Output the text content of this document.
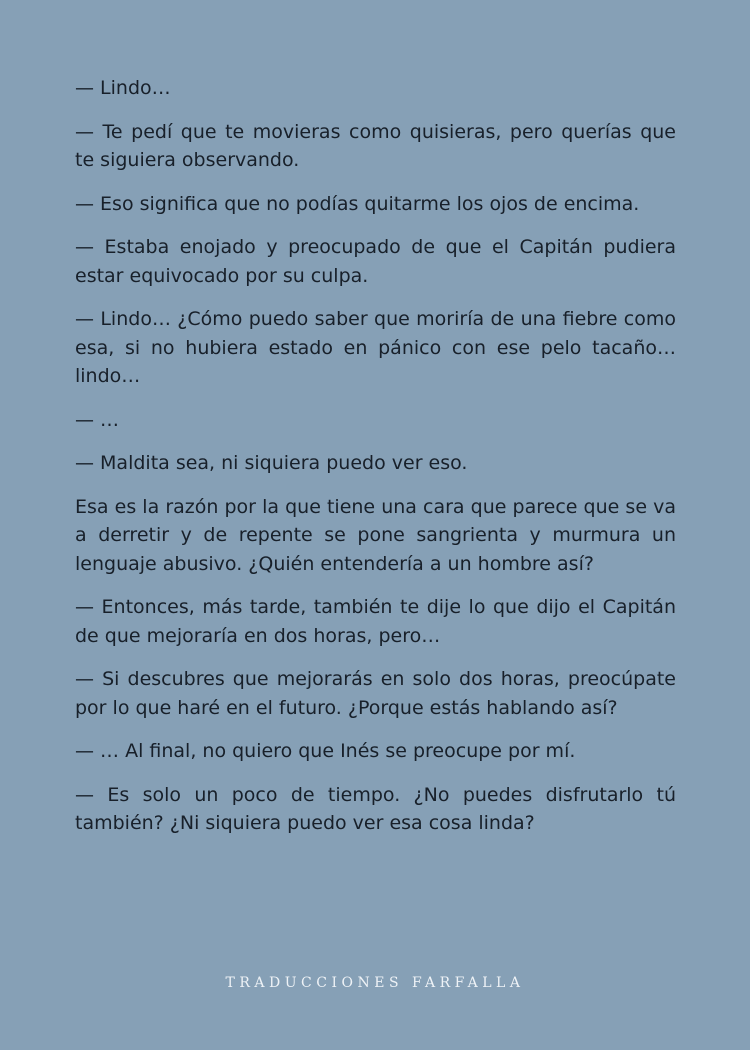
— Lindo…

— Te pedí que te movieras como quisieras, pero querías que te siguiera observando.

— Eso significa que no podías quitarme los ojos de encima.

— Estaba enojado y preocupado de que el Capitán pudiera estar equivocado por su culpa.

— Lindo… ¿Cómo puedo saber que moriría de una fiebre como esa, si no hubiera estado en pánico con ese pelo tacaño… lindo…

— …

— Maldita sea, ni siquiera puedo ver eso.

Esa es la razón por la que tiene una cara que parece que se va a derretir y de repente se pone sangrienta y murmura un lenguaje abusivo. ¿Quién entendería a un hombre así?

— Entonces, más tarde, también te dije lo que dijo el Capitán de que mejoraría en dos horas, pero…

— Si descubres que mejorarás en solo dos horas, preocúpate por lo que haré en el futuro. ¿Porque estás hablando así?

— … Al final, no quiero que Inés se preocupe por mí.

— Es solo un poco de tiempo. ¿No puedes disfrutarlo tú también? ¿Ni siquiera puedo ver esa cosa linda?

TRADUCCIONES FARFALLA
